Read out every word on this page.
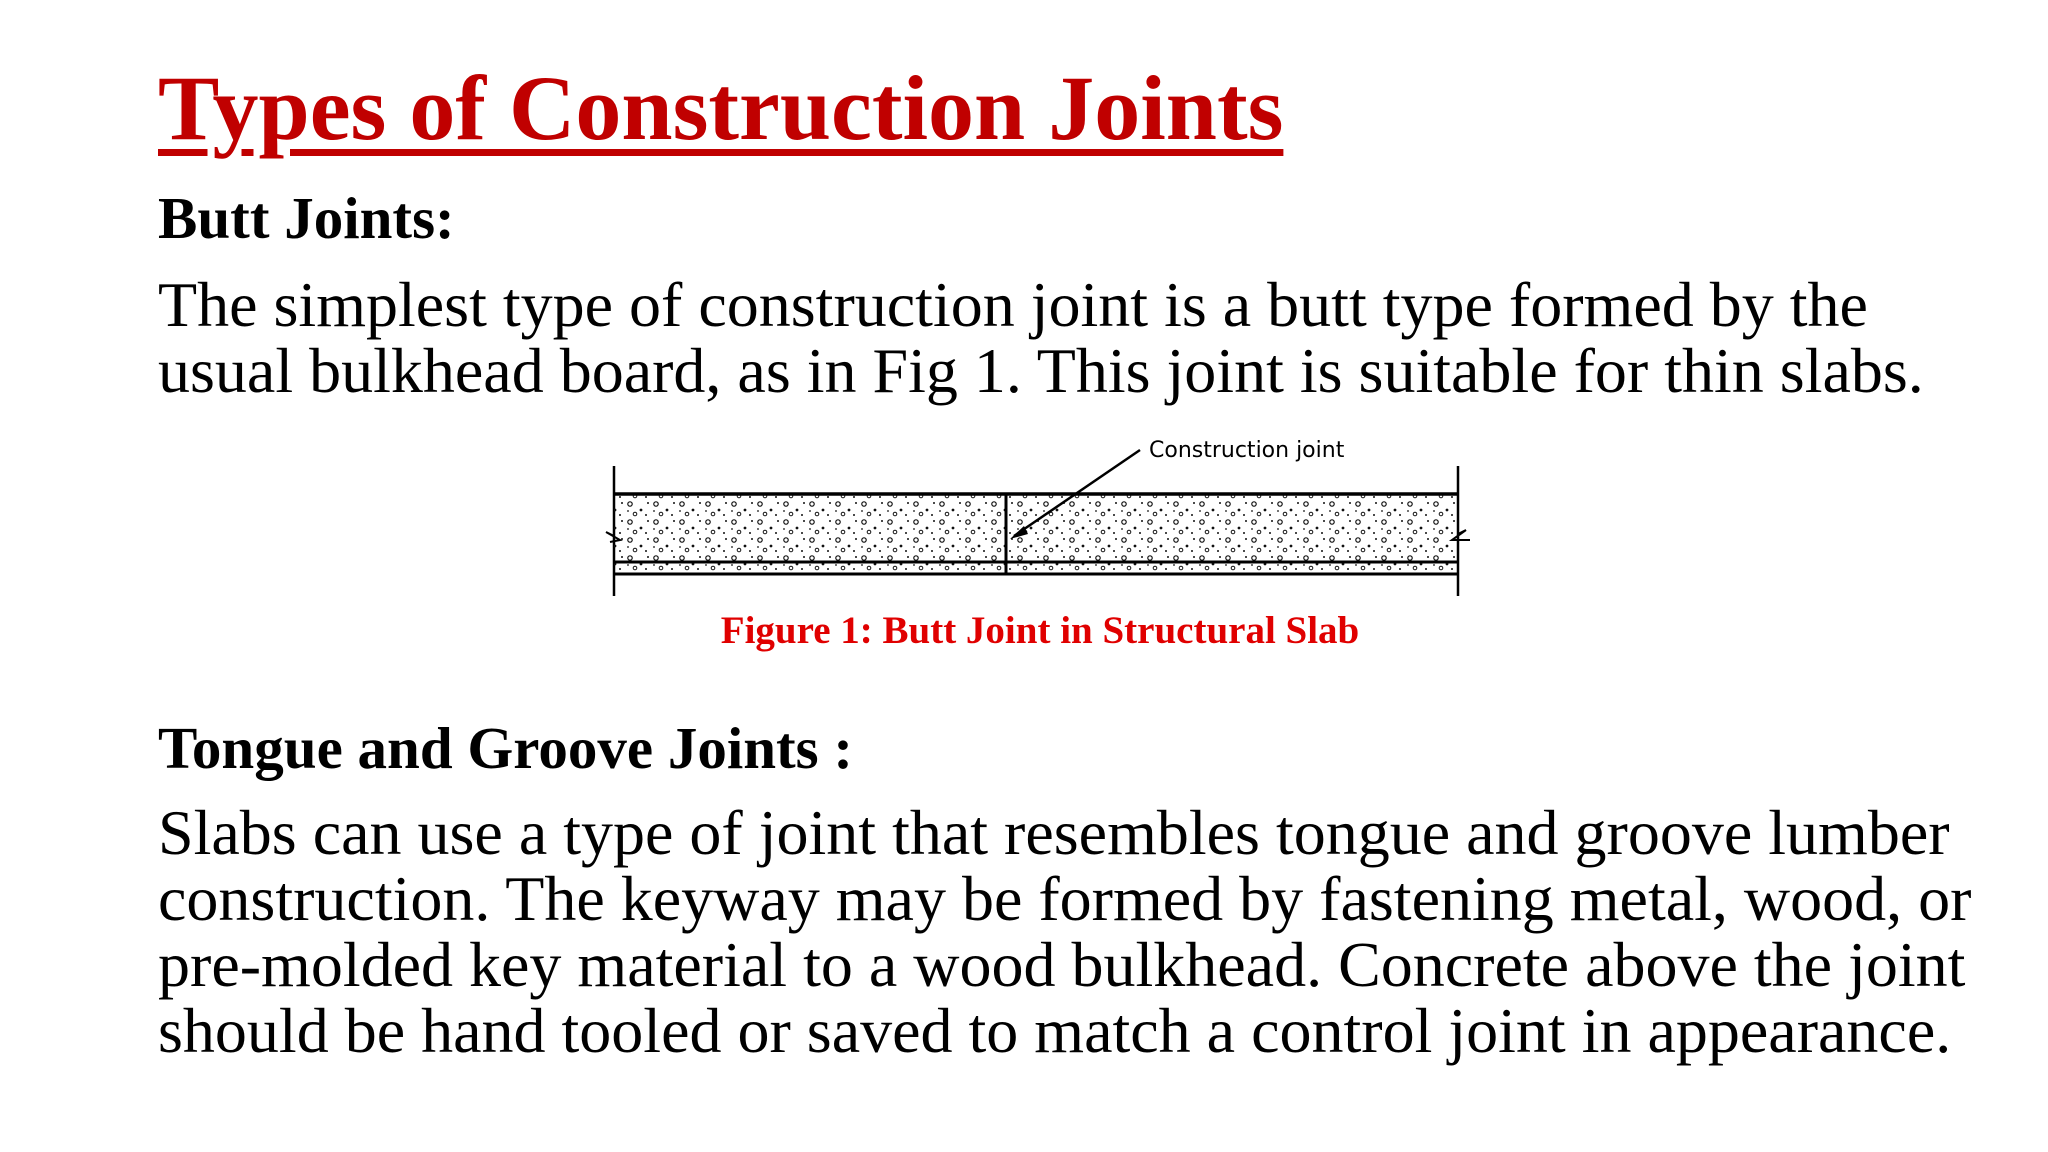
Types of Construction Joints
Butt Joints:

The simplest type of construction joint is a butt type formed by the usual bulkhead board, as in Fig 1. This joint is suitable for thin slabs.

Construction joint

Figure 1: Butt Joint in Structural Slab

Tongue and Groove Joints :

Slabs can use a type of joint that resembles tongue and groove lumber construction. The keyway may be formed by fastening metal, wood, or pre-molded key material to a wood bulkhead. Concrete above the joint should be hand tooled or saved to match a control joint in appearance.
